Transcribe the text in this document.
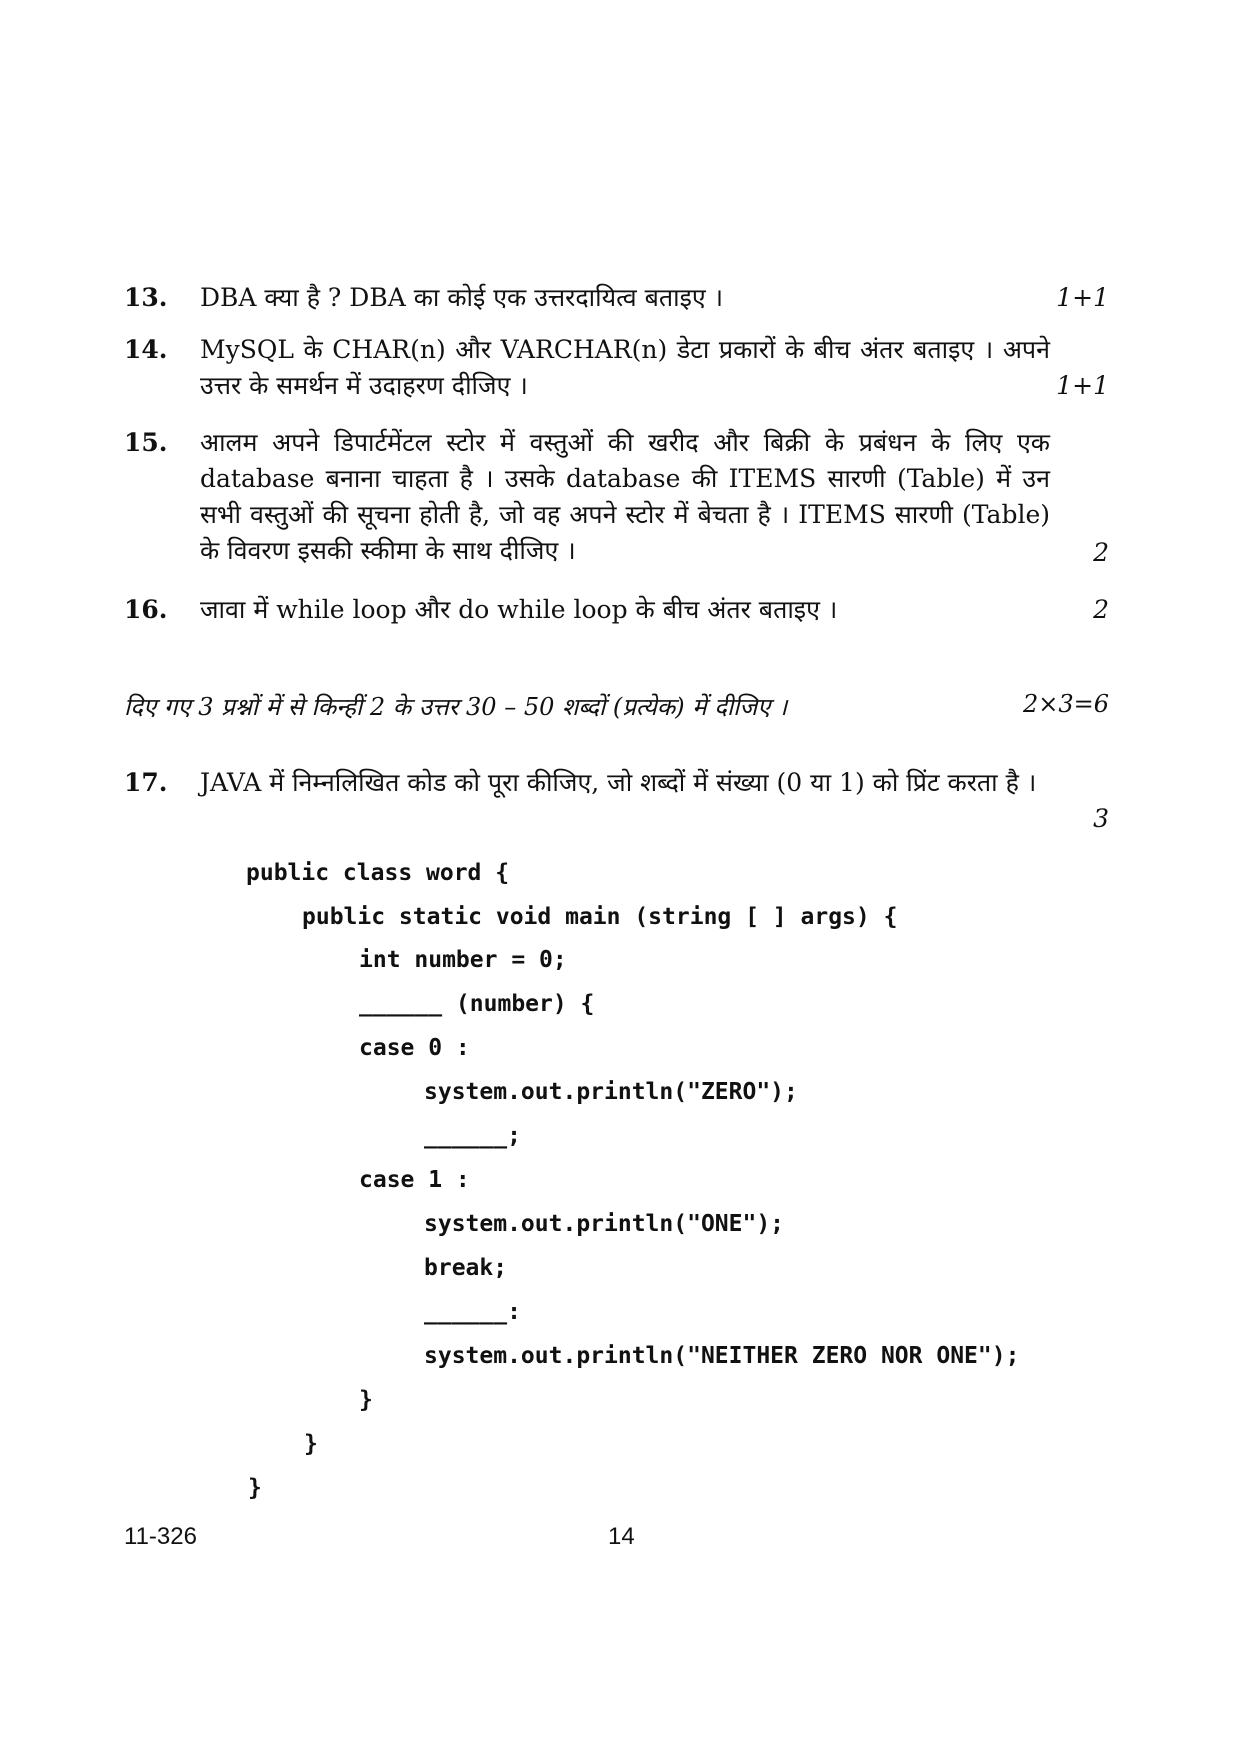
13.	DBA क्या है ? DBA का कोई एक उत्तरदायित्व बताइए ।	1+1
14.	MySQL के CHAR(n) और VARCHAR(n) डेटा प्रकारों के बीच अंतर बताइए । अपने उत्तर के समर्थन में उदाहरण दीजिए ।	1+1
15.	आलम अपने डिपार्टमेंटल स्टोर में वस्तुओं की खरीद और बिक्री के प्रबंधन के लिए एक database बनाना चाहता है । उसके database की ITEMS सारणी (Table) में उन सभी वस्तुओं की सूचना होती है, जो वह अपने स्टोर में बेचता है । ITEMS सारणी (Table) के विवरण इसकी स्कीमा के साथ दीजिए ।	2
16.	जावा में while loop और do while loop के बीच अंतर बताइए ।	2
दिए गए 3 प्रश्नों में से किन्हीं 2 के उत्तर 30 – 50 शब्दों (प्रत्येक) में दीजिए ।	2×3=6
17.	JAVA में निम्नलिखित कोड को पूरा कीजिए, जो शब्दों में संख्या (0 या 1) को प्रिंट करता है ।
3
public class word {
public static void main (string [ ] args) {
int number = 0;
______ (number) {
case 0 :
system.out.println("ZERO");
______;
case 1 :
system.out.println("ONE");
break;
______:
system.out.println("NEITHER ZERO NOR ONE");
}
}
}
11-326	14
